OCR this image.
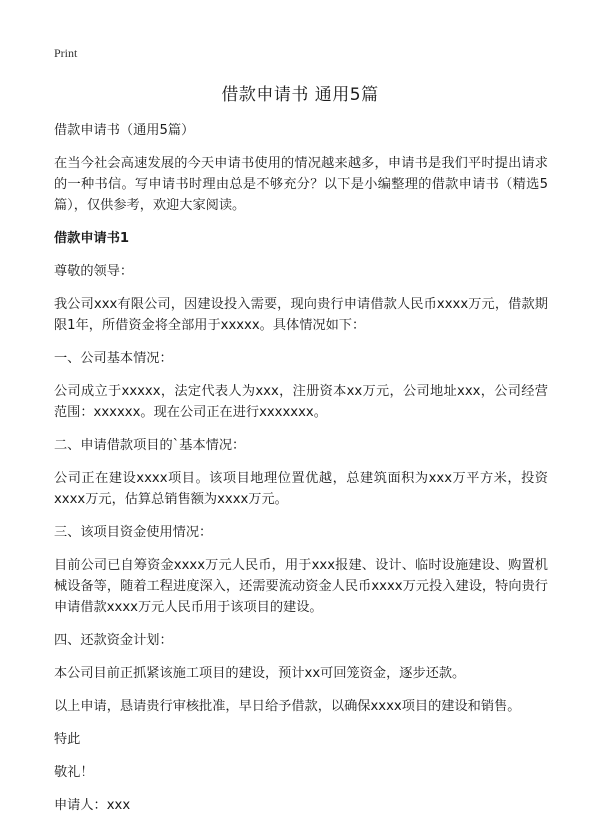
Print
借款申请书 通用5篇

借款申请书（通用5篇）

在当今社会高速发展的今天申请书使用的情况越来越多，申请书是我们平时提出请求的一种书信。写申请书时理由总是不够充分？以下是小编整理的借款申请书（精选5篇），仅供参考，欢迎大家阅读。

借款申请书1

尊敬的领导：

我公司xxx有限公司，因建设投入需要，现向贵行申请借款人民币xxxx万元，借款期限1年，所借资金将全部用于xxxxx。具体情况如下：

一、公司基本情况：

公司成立于xxxxx，法定代表人为xxx，注册资本xx万元，公司地址xxx，公司经营范围：xxxxxx。现在公司正在进行xxxxxxx。

二、申请借款项目的`基本情况：

公司正在建设xxxx项目。该项目地理位置优越，总建筑面积为xxx万平方米，投资xxxx万元，估算总销售额为xxxx万元。

三、该项目资金使用情况：

目前公司已自筹资金xxxx万元人民币，用于xxx报建、设计、临时设施建设、购置机械设备等，随着工程进度深入，还需要流动资金人民币xxxx万元投入建设，特向贵行申请借款xxxx万元人民币用于该项目的建设。

四、还款资金计划：

本公司目前正抓紧该施工项目的建设，预计xx可回笼资金，逐步还款。

以上申请，恳请贵行审核批准，早日给予借款，以确保xxxx项目的建设和销售。

特此

敬礼！

申请人：xxx
